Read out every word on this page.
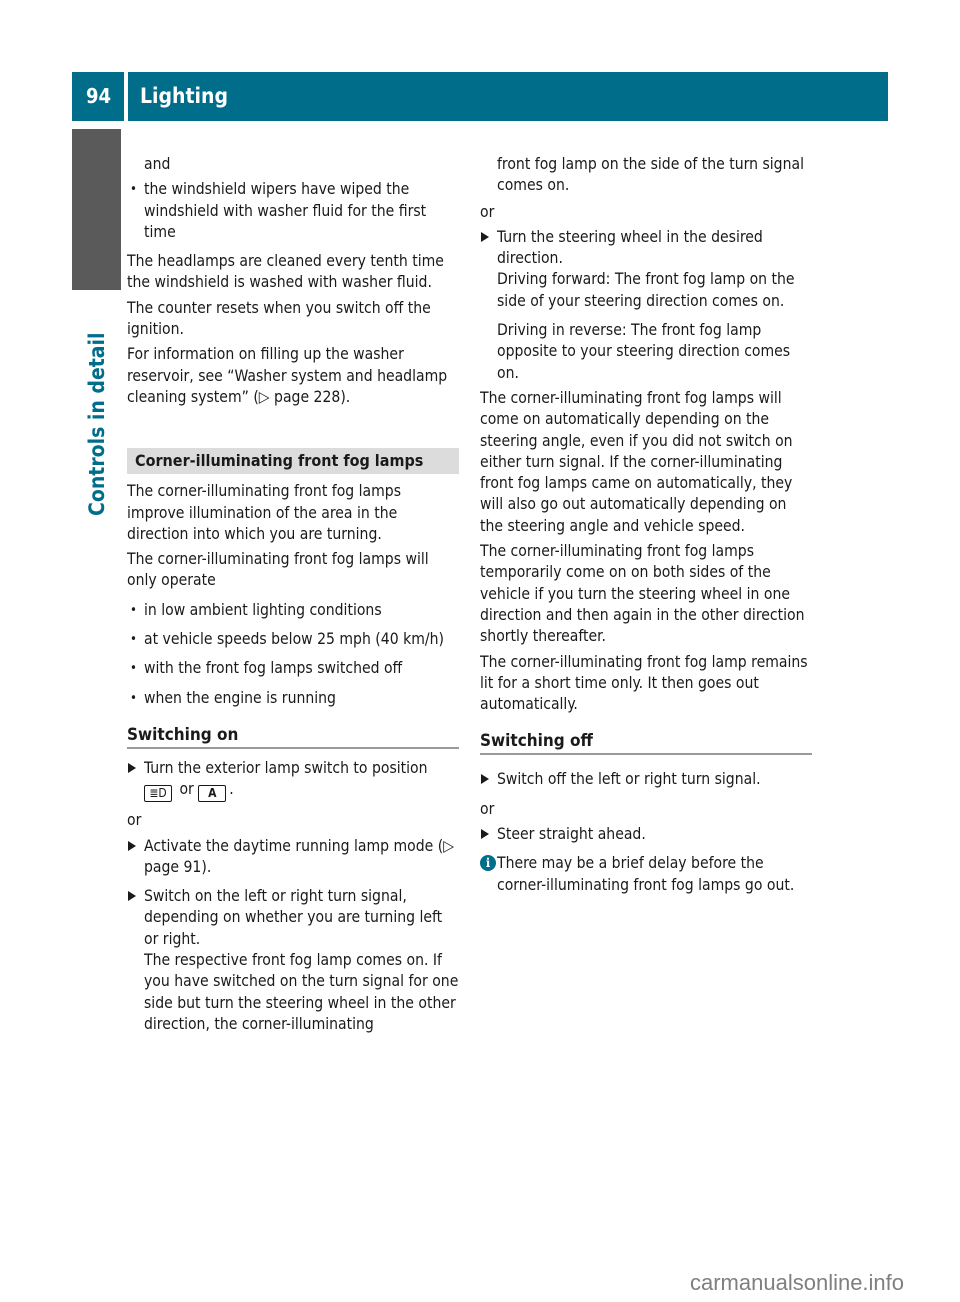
94	Lighting
Controls in detail
and
• the windshield wipers have wiped the windshield with washer fluid for the first time
The headlamps are cleaned every tenth time the windshield is washed with washer fluid.
The counter resets when you switch off the ignition.
For information on filling up the washer reservoir, see “Washer system and headlamp cleaning system” (▷ page 228).
Corner-illuminating front fog lamps
The corner-illuminating front fog lamps improve illumination of the area in the direction into which you are turning.
The corner-illuminating front fog lamps will only operate
• in low ambient lighting conditions
• at vehicle speeds below 25 mph (40 km/h)
• with the front fog lamps switched off
• when the engine is running
Switching on
Turn the exterior lamp switch to position
≣D or A .
or
Activate the daytime running lamp mode (▷ page 91).
Switch on the left or right turn signal, depending on whether you are turning left or right.
The respective front fog lamp comes on. If you have switched on the turn signal for one side but turn the steering wheel in the other direction, the corner-illuminating
front fog lamp on the side of the turn signal comes on.
or
Turn the steering wheel in the desired direction.
Driving forward: The front fog lamp on the side of your steering direction comes on.
Driving in reverse: The front fog lamp opposite to your steering direction comes on.
The corner-illuminating front fog lamps will come on automatically depending on the steering angle, even if you did not switch on either turn signal. If the corner-illuminating front fog lamps came on automatically, they will also go out automatically depending on the steering angle and vehicle speed.
The corner-illuminating front fog lamps temporarily come on on both sides of the vehicle if you turn the steering wheel in one direction and then again in the other direction shortly thereafter.
The corner-illuminating front fog lamp remains lit for a short time only. It then goes out automatically.
Switching off
Switch off the left or right turn signal.
or
Steer straight ahead.
i There may be a brief delay before the corner-illuminating front fog lamps go out.
carmanualsonline.info
